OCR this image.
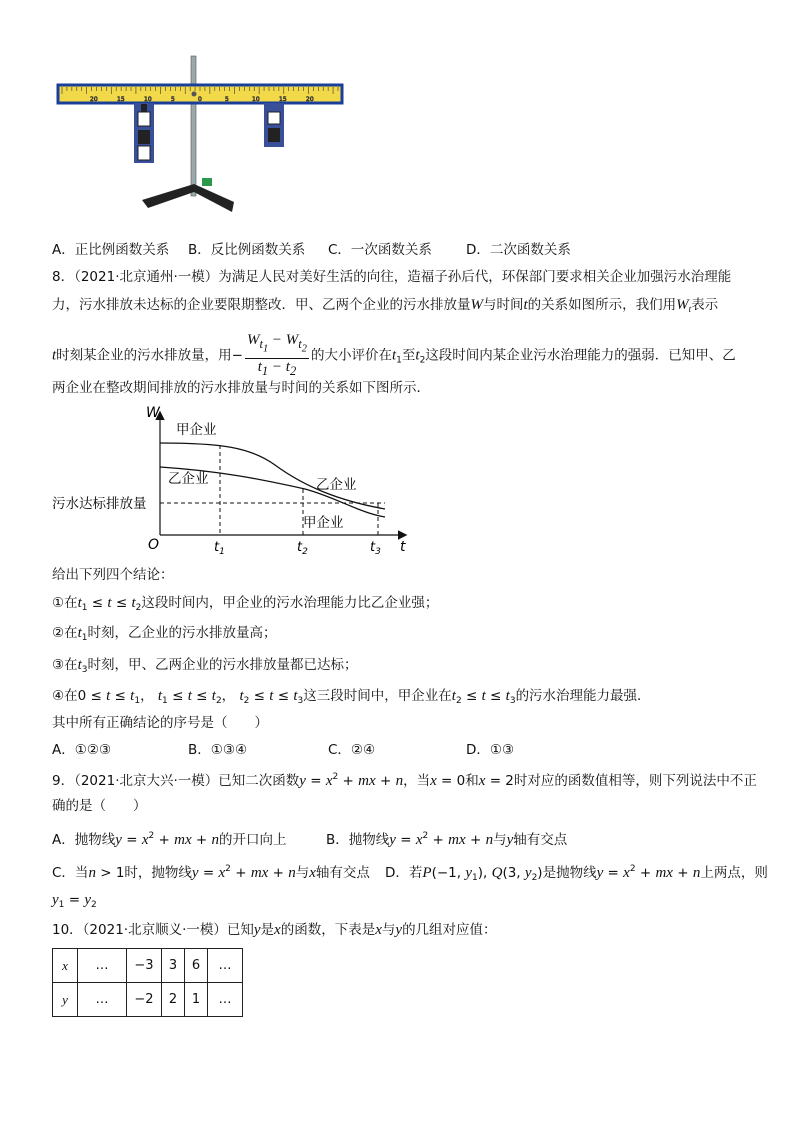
20	15	10	5	0	5	10	15	20
A．正比例函数关系 B．反比例函数关系 C．一次函数关系	D．二次函数关系
8．（2021·北京通州·一模）为满足人民对美好生活的向往，造福子孙后代，环保部门要求相关企业加强污水治理能
力，污水排放未达标的企业要限期整改．甲、乙两个企业的污水排放量W与时间t的关系如图所示，我们用$W_t$表示
t时刻某企业的污水排放量，用− $\frac{W_{t_1} - W_{t_2}}{t_1 - t_2}$ 的大小评价在$t_1$至$t_2$这段时间内某企业污水治理能力的强弱．已知甲、乙
两企业在整改期间排放的污水排放量与时间的关系如下图所示．
W
t
O
污水达标排放量
甲企业
乙企业	乙企业
甲企业
$t_1$	$t_2$	$t_3$
给出下列四个结论：
①在$t_1 \le t \le t_2$这段时间内，甲企业的污水治理能力比乙企业强；
②在$t_1$时刻，乙企业的污水排放量高；
③在$t_3$时刻，甲、乙两企业的污水排放量都已达标；
④在$0 \le t \le t_1$， $t_1 \le t \le t_2$， $t_2 \le t \le t_3$这三段时间中，甲企业在$t_2 \le t \le t_3$的污水治理能力最强．
其中所有正确结论的序号是（　　）
A．①②③	B．①③④	C．②④	D．①③
9．（2021·北京大兴·一模）已知二次函数$y = x^2$ + mx + n，当x = 0和x = 2时对应的函数值相等，则下列说法中不正
确的是（　　）
A．抛物线$y = x^2$ + mx + n的开口向上	B．抛物线$y = x^2$ + mx + n与y轴有交点
C．当n > 1时，抛物线$y = x^2$ + mx + n与x轴有交点 D．若P(−1, $y_1$), Q(3, $y_2$)是抛物线$y = x^2$ + mx + n上两点，则
$y_1 = y_2$
10．（2021·北京顺义·一模）已知y是x的函数，下表是x与y的几组对应值：
x	…	−3	3	6	…
y	…	−2	2	1	…
